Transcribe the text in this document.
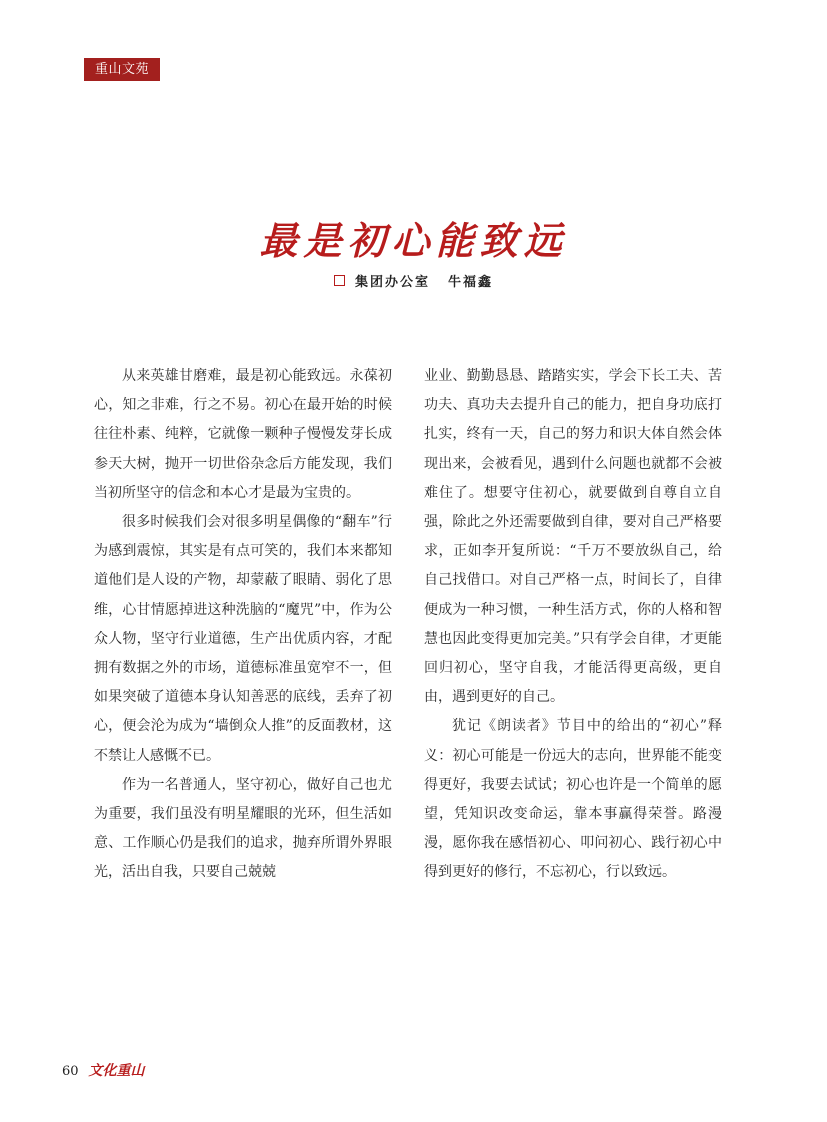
重山文苑
最是初心能致远
集团办公室 牛福鑫

从来英雄甘磨难，最是初心能致远。永葆初心，知之非难，行之不易。初心在最开始的时候往往朴素、纯粹，它就像一颗种子慢慢发芽长成参天大树，抛开一切世俗杂念后方能发现，我们当初所坚守的信念和本心才是最为宝贵的。

很多时候我们会对很多明星偶像的“翻车”行为感到震惊，其实是有点可笑的，我们本来都知道他们是人设的产物，却蒙蔽了眼睛、弱化了思维，心甘情愿掉进这种洗脑的“魔咒”中，作为公众人物，坚守行业道德，生产出优质内容，才配拥有数据之外的市场，道德标准虽宽窄不一，但如果突破了道德本身认知善恶的底线，丢弃了初心，便会沦为成为“墙倒众人推”的反面教材，这不禁让人感慨不已。

作为一名普通人，坚守初心，做好自己也尤为重要，我们虽没有明星耀眼的光环，但生活如意、工作顺心仍是我们的追求，抛弃所谓外界眼光，活出自我，只要自己兢兢

业业、勤勤恳恳、踏踏实实，学会下长工夫、苦功夫、真功夫去提升自己的能力，把自身功底打扎实，终有一天，自己的努力和识大体自然会体现出来，会被看见，遇到什么问题也就都不会被难住了。想要守住初心，就要做到自尊自立自强，除此之外还需要做到自律，要对自己严格要求，正如李开复所说：“千万不要放纵自己，给自己找借口。对自己严格一点，时间长了，自律便成为一种习惯，一种生活方式，你的人格和智慧也因此变得更加完美。”只有学会自律，才更能回归初心，坚守自我，才能活得更高级，更自由，遇到更好的自己。

犹记《朗读者》节目中的给出的“初心”释义：初心可能是一份远大的志向，世界能不能变得更好，我要去试试；初心也许是一个简单的愿望，凭知识改变命运，靠本事赢得荣誉。路漫漫，愿你我在感悟初心、叩问初心、践行初心中得到更好的修行，不忘初心，行以致远。

60 文化重山
